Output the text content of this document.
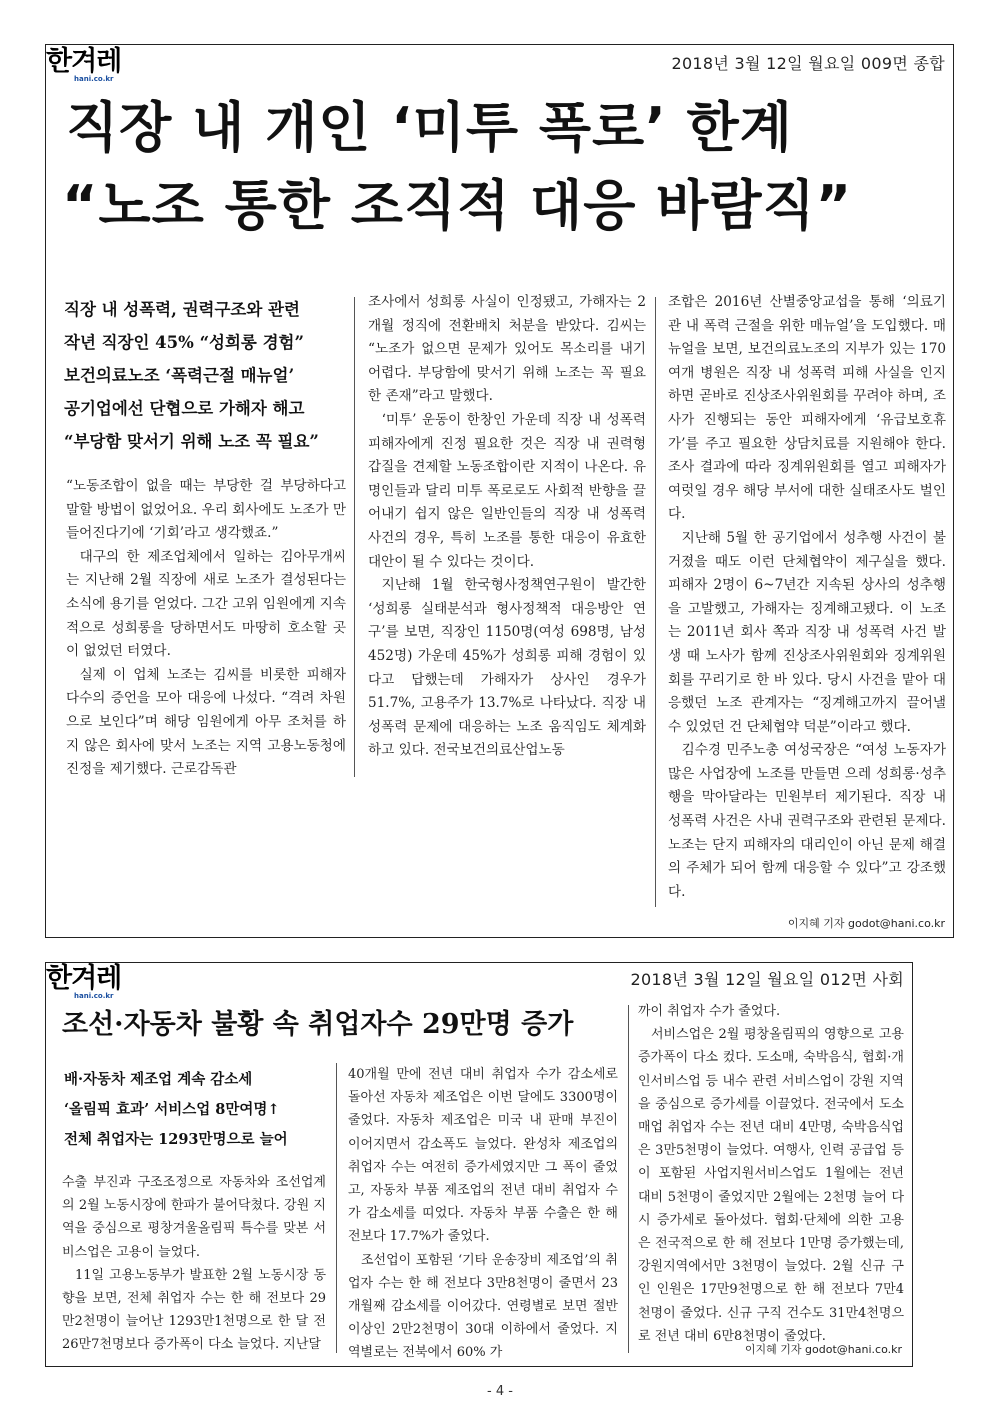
한겨레
hani.co.kr
2018년 3월 12일 월요일 009면 종합
직장 내 개인 ‘미투 폭로’ 한계
“노조 통한 조직적 대응 바람직”
직장 내 성폭력, 권력구조와 관련
작년 직장인 45% “성희롱 경험”
보건의료노조 ‘폭력근절 매뉴얼’
공기업에선 단협으로 가해자 해고
“부당함 맞서기 위해 노조 꼭 필요”

“노동조합이 없을 때는 부당한 걸 부당하다고 말할 방법이 없었어요. 우리 회사에도 노조가 만들어진다기에 ‘기회’라고 생각했죠.”

대구의 한 제조업체에서 일하는 김아무개씨는 지난해 2월 직장에 새로 노조가 결성된다는 소식에 용기를 얻었다. 그간 고위 임원에게 지속적으로 성희롱을 당하면서도 마땅히 호소할 곳이 없었던 터였다.

실제 이 업체 노조는 김씨를 비롯한 피해자 다수의 증언을 모아 대응에 나섰다. “격려 차원으로 보인다”며 해당 임원에게 아무 조처를 하지 않은 회사에 맞서 노조는 지역 고용노동청에 진정을 제기했다. 근로감독관

조사에서 성희롱 사실이 인정됐고, 가해자는 2개월 정직에 전환배치 처분을 받았다. 김씨는 “노조가 없으면 문제가 있어도 목소리를 내기 어렵다. 부당함에 맞서기 위해 노조는 꼭 필요한 존재”라고 말했다.

‘미투’ 운동이 한창인 가운데 직장 내 성폭력 피해자에게 진정 필요한 것은 직장 내 권력형 갑질을 견제할 노동조합이란 지적이 나온다. 유명인들과 달리 미투 폭로로도 사회적 반향을 끌어내기 쉽지 않은 일반인들의 직장 내 성폭력 사건의 경우, 특히 노조를 통한 대응이 유효한 대안이 될 수 있다는 것이다.

지난해 1월 한국형사정책연구원이 발간한 ‘성희롱 실태분석과 형사정책적 대응방안 연구’를 보면, 직장인 1150명(여성 698명, 남성 452명) 가운데 45%가 성희롱 피해 경험이 있다고 답했는데 가해자가 상사인 경우가 51.7%, 고용주가 13.7%로 나타났다. 직장 내 성폭력 문제에 대응하는 노조 움직임도 체계화하고 있다. 전국보건의료산업노동

조합은 2016년 산별중앙교섭을 통해 ‘의료기관 내 폭력 근절을 위한 매뉴얼’을 도입했다. 매뉴얼을 보면, 보건의료노조의 지부가 있는 170여개 병원은 직장 내 성폭력 피해 사실을 인지하면 곧바로 진상조사위원회를 꾸려야 하며, 조사가 진행되는 동안 피해자에게 ‘유급보호휴가’를 주고 필요한 상담치료를 지원해야 한다. 조사 결과에 따라 징계위원회를 열고 피해자가 여럿일 경우 해당 부서에 대한 실태조사도 벌인다.

지난해 5월 한 공기업에서 성추행 사건이 불거졌을 때도 이런 단체협약이 제구실을 했다. 피해자 2명이 6~7년간 지속된 상사의 성추행을 고발했고, 가해자는 징계해고됐다. 이 노조는 2011년 회사 쪽과 직장 내 성폭력 사건 발생 때 노사가 함께 진상조사위원회와 징계위원회를 꾸리기로 한 바 있다. 당시 사건을 맡아 대응했던 노조 관계자는 “징계해고까지 끌어낼 수 있었던 건 단체협약 덕분”이라고 했다.

김수경 민주노총 여성국장은 “여성 노동자가 많은 사업장에 노조를 만들면 으레 성희롱·성추행을 막아달라는 민원부터 제기된다. 직장 내 성폭력 사건은 사내 권력구조와 관련된 문제다. 노조는 단지 피해자의 대리인이 아닌 문제 해결의 주체가 되어 함께 대응할 수 있다”고 강조했다.

이지혜 기자 godot@hani.co.kr
한겨레
hani.co.kr
2018년 3월 12일 월요일 012면 사회
조선·자동차 불황 속 취업자수 29만명 증가
배·자동차 제조업 계속 감소세
‘올림픽 효과’ 서비스업 8만여명↑
전체 취업자는 1293만명으로 늘어

수출 부진과 구조조정으로 자동차와 조선업계의 2월 노동시장에 한파가 불어닥쳤다. 강원 지역을 중심으로 평창겨울올림픽 특수를 맞본 서비스업은 고용이 늘었다.

11일 고용노동부가 발표한 2월 노동시장 동향을 보면, 전체 취업자 수는 한 해 전보다 29만2천명이 늘어난 1293만1천명으로 한 달 전 26만7천명보다 증가폭이 다소 늘었다. 지난달

40개월 만에 전년 대비 취업자 수가 감소세로 돌아선 자동차 제조업은 이번 달에도 3300명이 줄었다. 자동차 제조업은 미국 내 판매 부진이 이어지면서 감소폭도 늘었다. 완성차 제조업의 취업자 수는 여전히 증가세였지만 그 폭이 줄었고, 자동차 부품 제조업의 전년 대비 취업자 수가 감소세를 띠었다. 자동차 부품 수출은 한 해 전보다 17.7%가 줄었다.

조선업이 포함된 ‘기타 운송장비 제조업’의 취업자 수는 한 해 전보다 3만8천명이 줄면서 23개월째 감소세를 이어갔다. 연령별로 보면 절반 이상인 2만2천명이 30대 이하에서 줄었다. 지역별로는 전북에서 60% 가

까이 취업자 수가 줄었다.

서비스업은 2월 평창올림픽의 영향으로 고용 증가폭이 다소 컸다. 도소매, 숙박음식, 협회·개인서비스업 등 내수 관련 서비스업이 강원 지역을 중심으로 증가세를 이끌었다. 전국에서 도소매업 취업자 수는 전년 대비 4만명, 숙박음식업은 3만5천명이 늘었다. 여행사, 인력 공급업 등이 포함된 사업지원서비스업도 1월에는 전년 대비 5천명이 줄었지만 2월에는 2천명 늘어 다시 증가세로 돌아섰다. 협회·단체에 의한 고용은 전국적으로 한 해 전보다 1만명 증가했는데, 강원지역에서만 3천명이 늘었다. 2월 신규 구인 인원은 17만9천명으로 한 해 전보다 7만4천명이 줄었다. 신규 구직 건수도 31만4천명으로 전년 대비 6만8천명이 줄었다.

이지혜 기자 godot@hani.co.kr
- 4 -
